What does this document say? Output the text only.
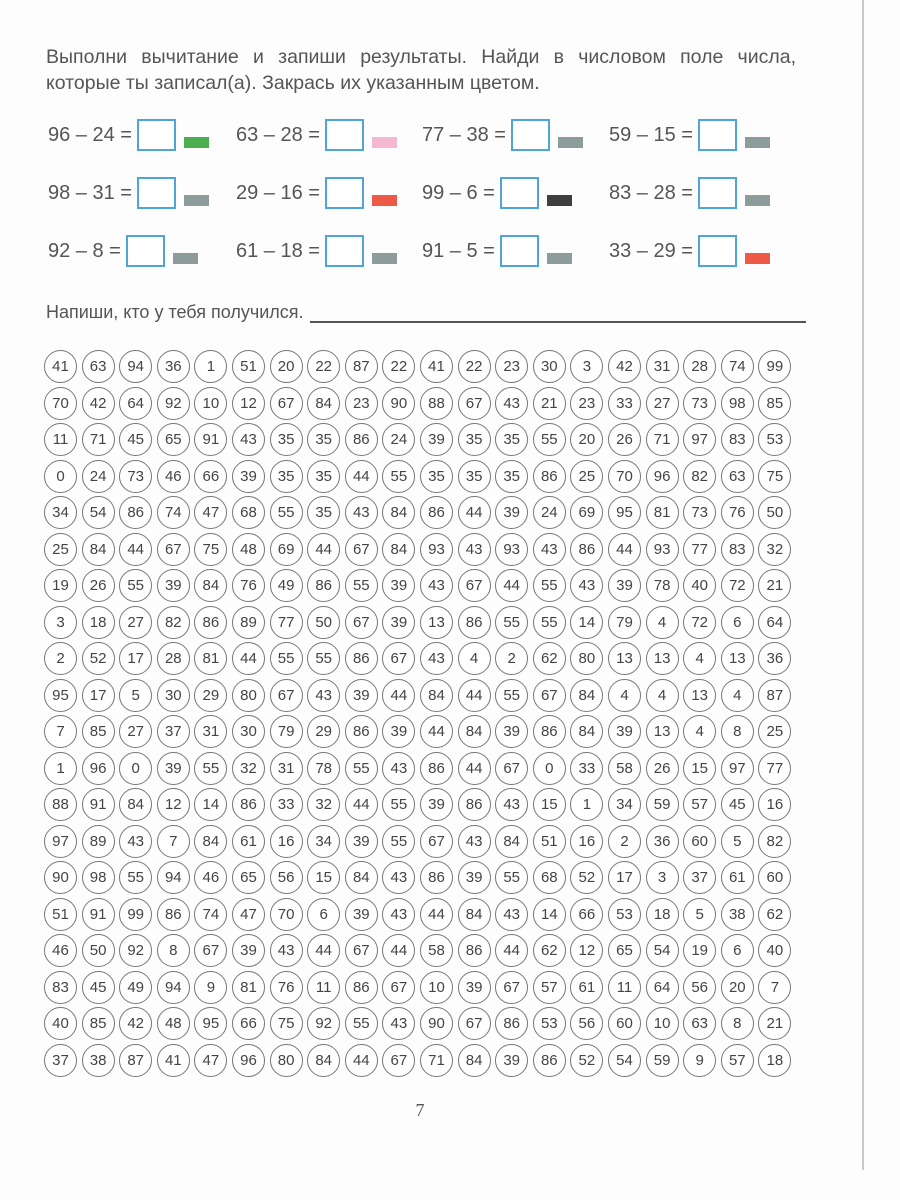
Выполни вычитание и запиши результаты. Найди в числовом поле числа, которые ты записал(а). Закрась их указанным цветом.
96 – 24 =	63 – 28 =	77 – 38 =	59 – 15 =
98 – 31 =	29 – 16 =	99 – 6 =	83 – 28 =
92 – 8 =	61 – 18 =	91 – 5 =	33 – 29 =
Напиши, кто у тебя получился.
41	63	94	36	1	51	20	22	87	22	41	22	23	30	3	42	31	28	74	99
70	42	64	92	10	12	67	84	23	90	88	67	43	21	23	33	27	73	98	85
11	71	45	65	91	43	35	35	86	24	39	35	35	55	20	26	71	97	83	53
0	24	73	46	66	39	35	35	44	55	35	35	35	86	25	70	96	82	63	75
34	54	86	74	47	68	55	35	43	84	86	44	39	24	69	95	81	73	76	50
25	84	44	67	75	48	69	44	67	84	93	43	93	43	86	44	93	77	83	32
19	26	55	39	84	76	49	86	55	39	43	67	44	55	43	39	78	40	72	21
3	18	27	82	86	89	77	50	67	39	13	86	55	55	14	79	4	72	6	64
2	52	17	28	81	44	55	55	86	67	43	4	2	62	80	13	13	4	13	36
95	17	5	30	29	80	67	43	39	44	84	44	55	67	84	4	4	13	4	87
7	85	27	37	31	30	79	29	86	39	44	84	39	86	84	39	13	4	8	25
1	96	0	39	55	32	31	78	55	43	86	44	67	0	33	58	26	15	97	77
88	91	84	12	14	86	33	32	44	55	39	86	43	15	1	34	59	57	45	16
97	89	43	7	84	61	16	34	39	55	67	43	84	51	16	2	36	60	5	82
90	98	55	94	46	65	56	15	84	43	86	39	55	68	52	17	3	37	61	60
51	91	99	86	74	47	70	6	39	43	44	84	43	14	66	53	18	5	38	62
46	50	92	8	67	39	43	44	67	44	58	86	44	62	12	65	54	19	6	40
83	45	49	94	9	81	76	11	86	67	10	39	67	57	61	11	64	56	20	7
40	85	42	48	95	66	75	92	55	43	90	67	86	53	56	60	10	63	8	21
37	38	87	41	47	96	80	84	44	67	71	84	39	86	52	54	59	9	57	18
7
